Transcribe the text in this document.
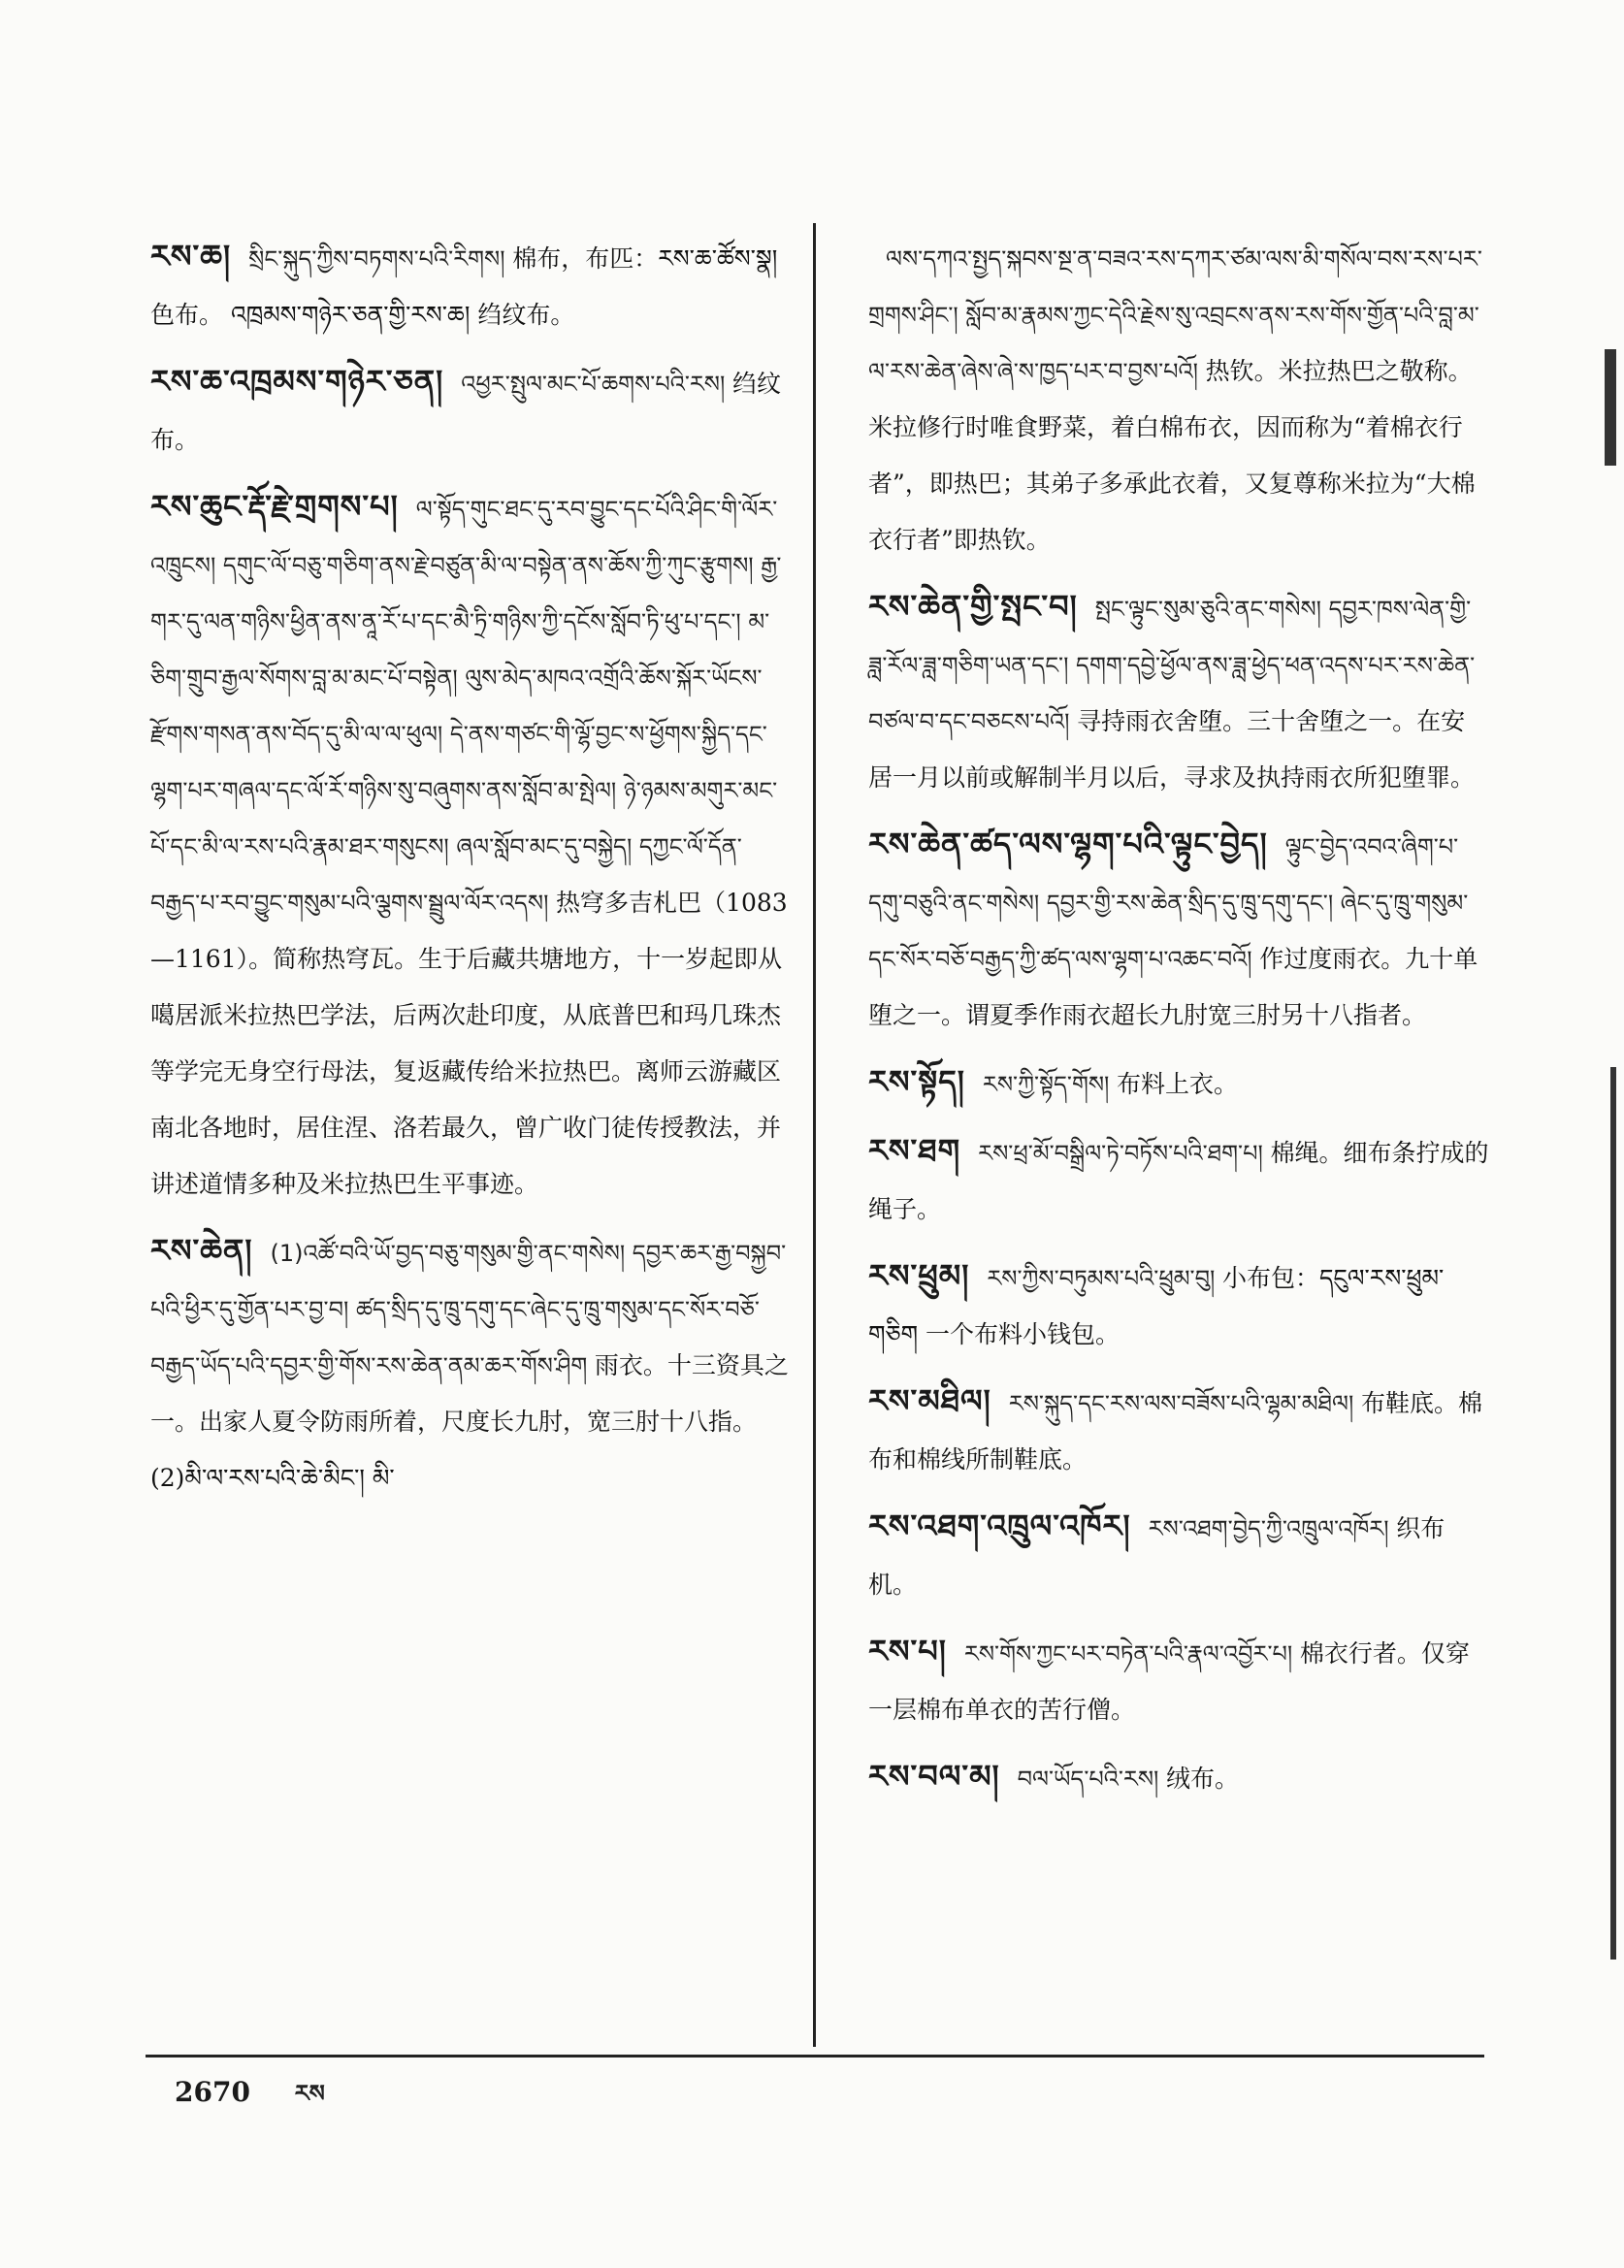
རས་ཆ། སྲིང་སྐུད་ཀྱིས་བཏགས་པའི་རིགས། 棉布，布匹：རས་ཆ་ཚོས་སྣ། 色布。 འཁྲམས་གཉེར་ཅན་གྱི་རས་ཆ། 绉纹布。
རས་ཆ་འཁྲམས་གཉེར་ཅན། འཕྱར་སྤུལ་མང་པོ་ཆགས་པའི་རས། 绉纹布。
རས་ཆུང་རྡོ་རྗེ་གྲགས་པ། ལ་སྟོད་གུང་ཐང་དུ་རབ་བྱུང་དང་པོའི་ཤིང་གི་ལོར་འཁྲུངས། དགུང་ལོ་བཅུ་གཅིག་ནས་རྗེ་བཙུན་མི་ལ་བསྟེན་ནས་ཆོས་ཀྱི་ཀུང་རྩུགས། རྒྱ་གར་དུ་ལན་གཉིས་ཕྱིན་ནས་ནཱ་རོ་པ་དང་མཻ་ཏྲི་གཉིས་ཀྱི་དངོས་སློབ་ཏི་ཕུ་པ་དང་། མ་ཅིག་གྲུབ་རྒྱལ་སོགས་བླ་མ་མང་པོ་བསྟེན། ལུས་མེད་མཁའ་འགྲོའི་ཆོས་སྐོར་ཡོངས་རྫོགས་གསན་ནས་བོད་དུ་མི་ལ་ལ་ཕུལ། དེ་ནས་གཙང་གི་ལྷོ་བྱང་ས་ཕྱོགས་སྐྱིད་དང་ལྷག་པར་གཞལ་དང་ལོ་རོ་གཉིས་སུ་བཞུགས་ནས་སློབ་མ་སྤེལ། ཉེ་ཉམས་མགུར་མང་པོ་དང་མི་ལ་རས་པའི་རྣམ་ཐར་གསུངས། ཞལ་སློབ་མང་དུ་བསྐྱེད། དཀྱང་ལོ་དོན་བརྒྱད་པ་རབ་བྱུང་གསུམ་པའི་ལྕགས་སྦྲུལ་ལོར་འདས། 热穹多吉札巴（1083—1161）。简称热穹瓦。生于后藏共塘地方，十一岁起即从噶居派米拉热巴学法，后两次赴印度，从底普巴和玛几珠杰等学完无身空行母法，复返藏传给米拉热巴。离师云游藏区南北各地时，居住涅、洛若最久，曾广收门徒传授教法，并讲述道情多种及米拉热巴生平事迹。
རས་ཆེན། (1)འཚོ་བའི་ཡོ་བྱད་བཅུ་གསུམ་གྱི་ནང་གསེས། དབྱར་ཆར་རྒྱ་བསྐྱབ་པའི་ཕྱིར་དུ་གྱོན་པར་བྱ་བ། ཚད་སྲིད་དུ་ཁྲུ་དགུ་དང་ཞེང་དུ་ཁྲུ་གསུམ་དང་སོར་བཅོ་བརྒྱད་ཡོད་པའི་དབྱར་གྱི་གོས་རས་ཆེན་ནམ་ཆར་གོས་ཤིག 雨衣。十三资具之一。出家人夏令防雨所着，尺度长九肘，宽三肘十八指。(2)མི་ལ་རས་པའི་ཆེ་མིང་། མི་
ལས་དཀའ་སྤྱད་སྐབས་སྔ་ན་བཟའ་རས་དཀར་ཙམ་ལས་མི་གསོལ་བས་རས་པར་གྲགས་ཤིང་། སློབ་མ་རྣམས་ཀྱང་དེའི་རྗེས་སུ་འབྲངས་ནས་རས་གོས་གྱོན་པའི་བླ་མ་ལ་རས་ཆེན་ཞེས་ཞེ་ས་ཁྱད་པར་བ་བྱས་པའོ། 热钦。米拉热巴之敬称。米拉修行时唯食野菜，着白棉布衣，因而称为“着棉衣行者”，即热巴；其弟子多承此衣着，又复尊称米拉为“大棉衣行者”即热钦。
རས་ཆེན་གྱི་སྤང་བ། སྤང་ལྟུང་སུམ་ཅུའི་ནང་གསེས། དབྱར་ཁས་ལེན་གྱི་ཟླ་རོལ་ཟླ་གཅིག་ཡན་དང་། དགག་དབྱེ་ཕྱོལ་ནས་ཟླ་ཕྱེད་ཕན་འདས་པར་རས་ཆེན་བཙལ་བ་དང་བཅངས་པའོ། 寻持雨衣舍堕。三十舍堕之一。在安居一月以前或解制半月以后，寻求及执持雨衣所犯堕罪。
རས་ཆེན་ཚད་ལས་ལྷག་པའི་ལྟུང་བྱེད། ལྟུང་བྱེད་འབའ་ཞིག་པ་དགུ་བཅུའི་ནང་གསེས། དབྱར་གྱི་རས་ཆེན་སྲིད་དུ་ཁྲུ་དགུ་དང་། ཞེང་དུ་ཁྲུ་གསུམ་དང་སོར་བཅོ་བརྒྱད་ཀྱི་ཚད་ལས་ལྷག་པ་འཆང་བའོ། 作过度雨衣。九十单堕之一。谓夏季作雨衣超长九肘宽三肘另十八指者。
རས་སྟོད། རས་ཀྱི་སྟོད་གོས། 布料上衣。
རས་ཐག རས་ཕྲ་མོ་བསྒྲིལ་ཏེ་བཏོས་པའི་ཐག་པ། 棉绳。细布条拧成的绳子。
རས་ཕྲུམ། རས་ཀྱིས་བཏུམས་པའི་ཕྲུམ་བུ། 小布包：དངུལ་རས་ཕྲུམ་གཅིག 一个布料小钱包。
རས་མཐིལ། རས་སྐུད་དང་རས་ལས་བཟོས་པའི་ལྷམ་མཐིལ། 布鞋底。棉布和棉线所制鞋底。
རས་འཐག་འཁྲུལ་འཁོར། རས་འཐག་བྱེད་ཀྱི་འཁྲུལ་འཁོར། 织布机。
རས་པ། རས་གོས་ཀྱང་པར་བཏེན་པའི་རྣལ་འབྱོར་པ། 棉衣行者。仅穿一层棉布单衣的苦行僧。
རས་བལ་མ། བལ་ཡོད་པའི་རས། 绒布。
2670 རས
